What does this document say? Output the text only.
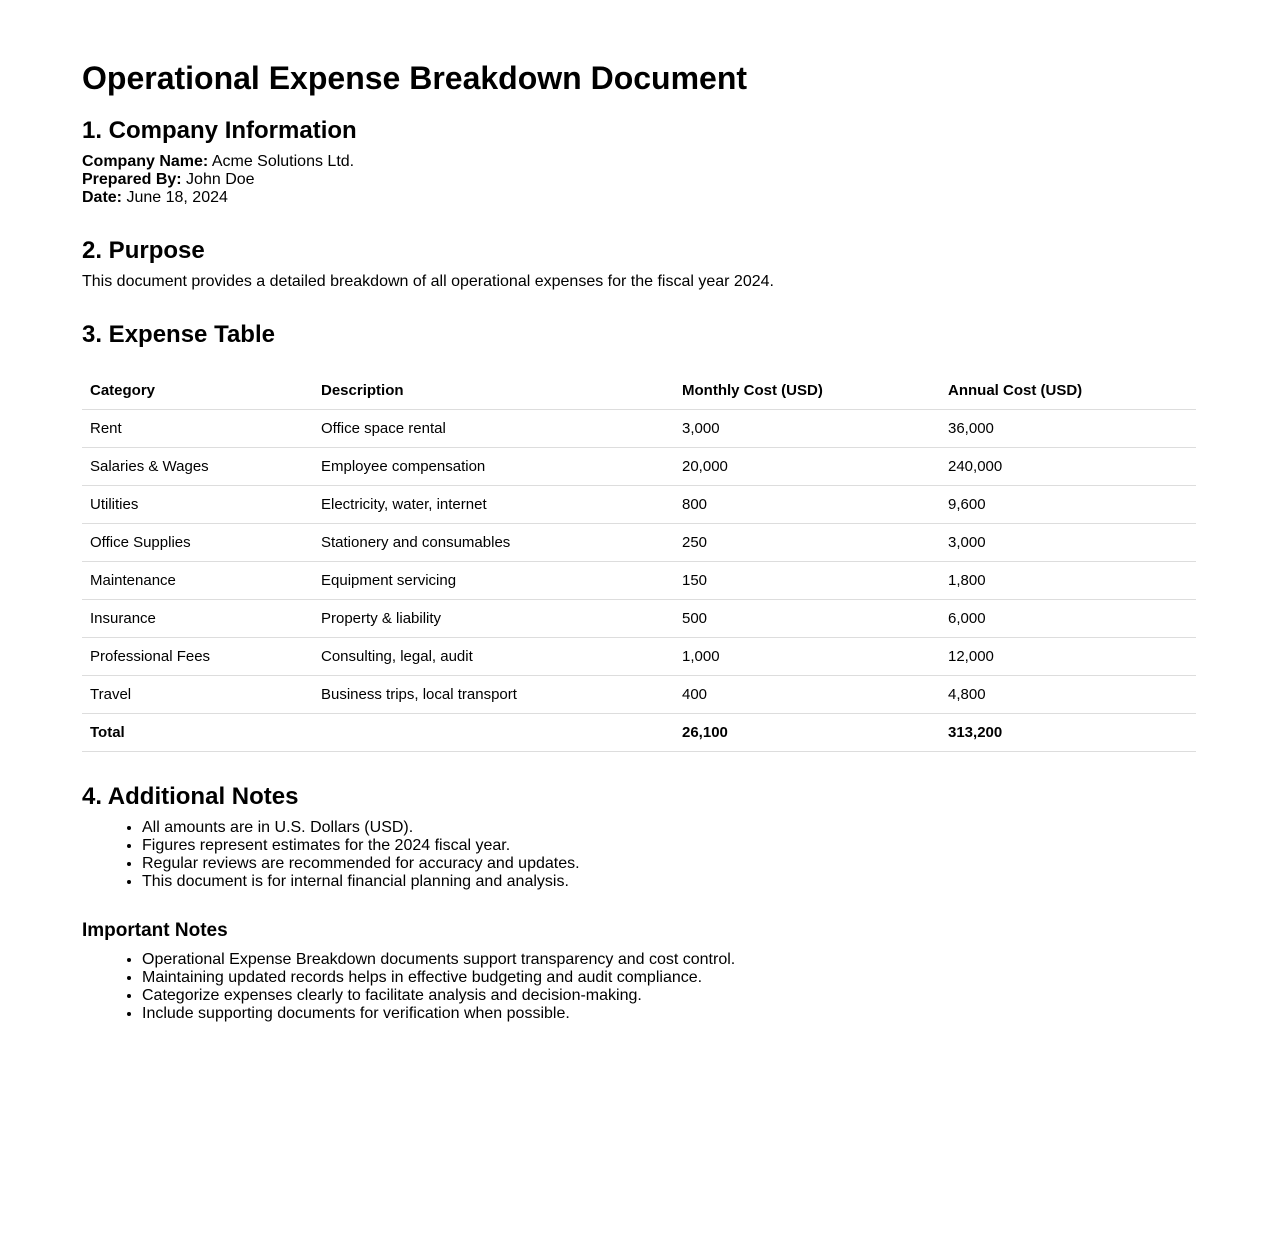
Operational Expense Breakdown Document
1. Company Information
Company Name: Acme Solutions Ltd.
Prepared By: John Doe
Date: June 18, 2024
2. Purpose
This document provides a detailed breakdown of all operational expenses for the fiscal year 2024.
3. Expense Table
Category	Description	Monthly Cost (USD)	Annual Cost (USD)
Rent	Office space rental	3,000	36,000
Salaries & Wages	Employee compensation	20,000	240,000
Utilities	Electricity, water, internet	800	9,600
Office Supplies	Stationery and consumables	250	3,000
Maintenance	Equipment servicing	150	1,800
Insurance	Property & liability	500	6,000
Professional Fees	Consulting, legal, audit	1,000	12,000
Travel	Business trips, local transport	400	4,800
Total		26,100	313,200
4. Additional Notes
• All amounts are in U.S. Dollars (USD).
• Figures represent estimates for the 2024 fiscal year.
• Regular reviews are recommended for accuracy and updates.
• This document is for internal financial planning and analysis.
Important Notes
• Operational Expense Breakdown documents support transparency and cost control.
• Maintaining updated records helps in effective budgeting and audit compliance.
• Categorize expenses clearly to facilitate analysis and decision-making.
• Include supporting documents for verification when possible.
